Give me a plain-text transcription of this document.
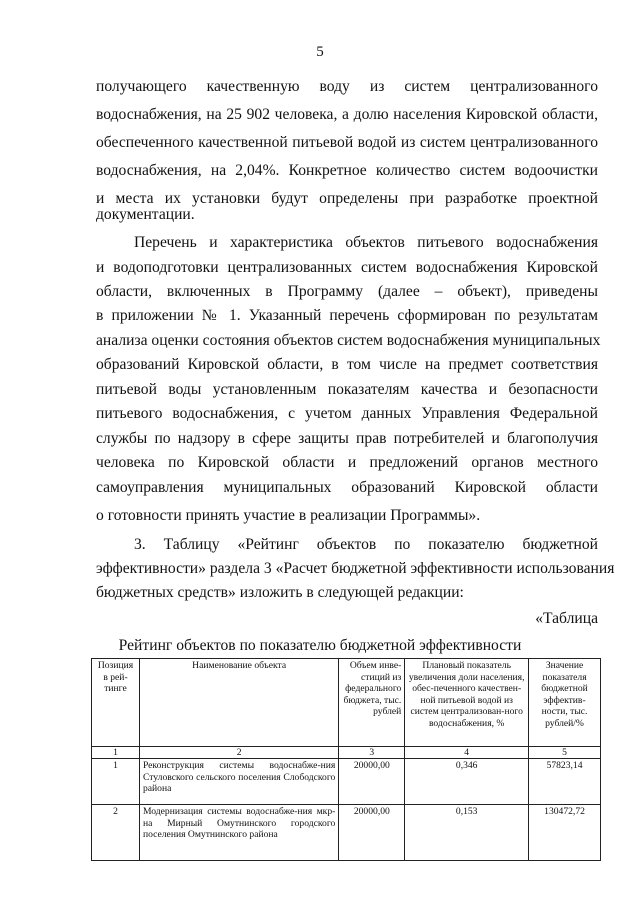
5
получающего качественную воду из систем централизованного
водоснабжения, на 25 902 человека, а долю населения Кировской области,
обеспеченного качественной питьевой водой из систем централизованного
водоснабжения, на 2,04%. Конкретное количество систем водоочистки
и места их установки будут определены при разработке проектной
документации.
Перечень и характеристика объектов питьевого водоснабжения
и водоподготовки централизованных систем водоснабжения Кировской
области, включенных в Программу (далее – объект), приведены
в приложении № 1. Указанный перечень сформирован по результатам
анализа оценки состояния объектов систем водоснабжения муниципальных
образований Кировской области, в том числе на предмет соответствия
питьевой воды установленным показателям качества и безопасности
питьевого водоснабжения, с учетом данных Управления Федеральной
службы по надзору в сфере защиты прав потребителей и благополучия
человека по Кировской области и предложений органов местного
самоуправления муниципальных образований Кировской области
о готовности принять участие в реализации Программы».
3. Таблицу «Рейтинг объектов по показателю бюджетной
эффективности» раздела 3 «Расчет бюджетной эффективности использования
бюджетных средств» изложить в следующей редакции:
«Таблица
Рейтинг объектов по показателю бюджетной эффективности
Позиция в рей-тинге	Наименование объекта	Объем инве-стиций из федерального бюджета, тыс. рублей	Плановый показатель увеличения доли населения, обес-печенного качествен-ной питьевой водой из систем централизован-ного водоснабжения, %	Значение показателя бюджетной эффектив-ности, тыс. рублей/%
1	2	3	4	5
1	Реконструкция системы водоснабже-ния Стуловского сельского поселения Слободского района	20000,00	0,346	57823,14
2	Модернизация системы водоснабже-ния мкр-на Мирный Омутнинского городского поселения Омутнинского района	20000,00	0,153	130472,72
